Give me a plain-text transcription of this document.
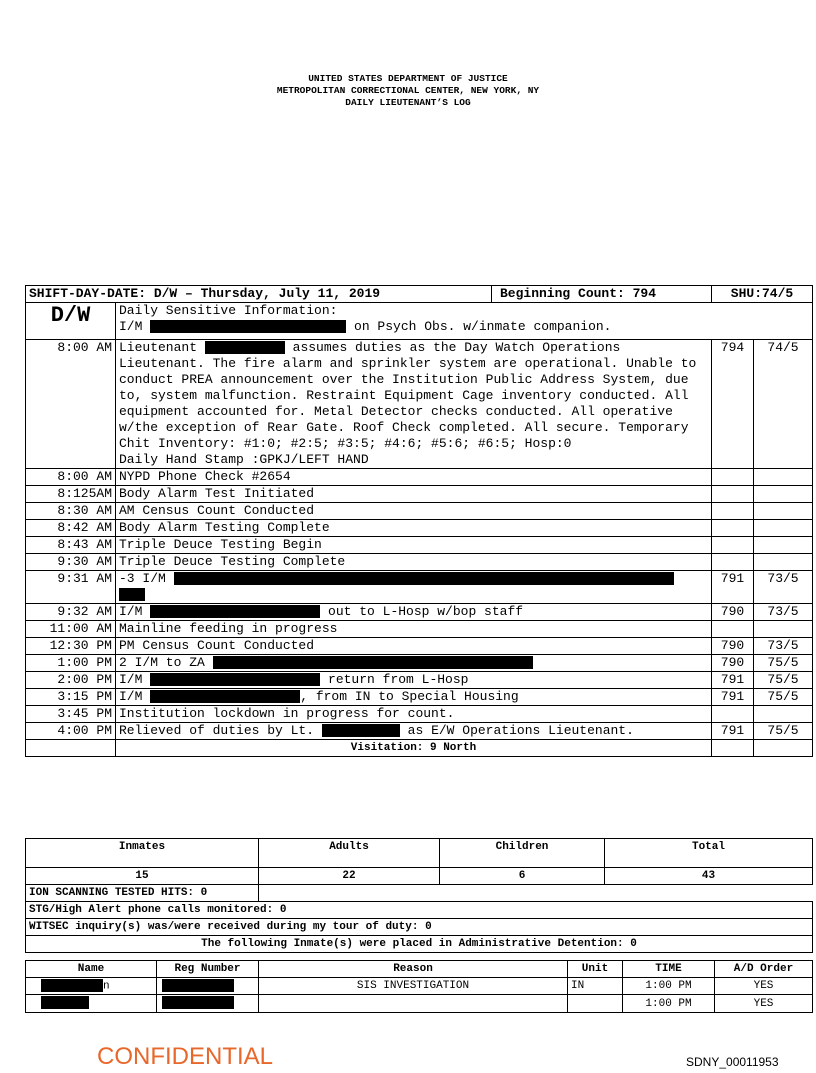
UNITED STATES DEPARTMENT OF JUSTICE
METROPOLITAN CORRECTIONAL CENTER, NEW YORK, NY
DAILY LIEUTENANT’S LOG
SHIFT-DAY-DATE: D/W – Thursday, July 11, 2019 Beginning Count: 794		SHU:74/5	
D/W	Daily Sensitive Information:
I/M on Psych Obs. w/inmate companion.		

8:00 AM	Lieutenant assumes duties as the Day Watch Operations Lieutenant. The fire alarm and sprinkler system are operational. Unable to conduct PREA announcement over the Institution Public Address System, due to, system malfunction. Restraint Equipment Cage inventory conducted. All equipment accounted for. Metal Detector checks conducted. All operative w/the exception of Rear Gate. Roof Check completed. All secure. Temporary Chit Inventory: #1:0; #2:5; #3:5; #4:6; #5:6; #6:5; Hosp:0
Daily Hand Stamp :GPKJ/LEFT HAND	794	74/5
8:00 AM	NYPD Phone Check #2654		
8:125AM	Body Alarm Test Initiated		
8:30 AM	AM Census Count Conducted		
8:42 AM	Body Alarm Testing Complete		
8:43 AM	Triple Deuce Testing Begin		
9:30 AM	Triple Deuce Testing Complete		
9:31 AM	-3 I/M	791	73/5
9:32 AM	I/M out to L-Hosp w/bop staff	790	73/5
11:00 AM	Mainline feeding in progress		
12:30 PM	PM Census Count Conducted	790	73/5
1:00 PM	2 I/M to ZA	790	75/5
2:00 PM	I/M return from L-Hosp	791	75/5
3:15 PM	I/M , from IN to Special Housing	791	75/5
3:45 PM	Institution lockdown in progress for count.		
4:00 PM	Relieved of duties by Lt. as E/W Operations Lieutenant.	791	75/5
	Visitation: 9 North		
Inmates	Adults	Children	Total
15	22	6	43
ION SCANNING TESTED HITS: 0	
STG/High Alert phone calls monitored: 0
WITSEC inquiry(s) was/were received during my tour of duty: 0
The following Inmate(s) were placed in Administrative Detention: 0
Name	Reg Number	Reason	Unit	TIME	A/D Order
n		SIS INVESTIGATION	IN	1:00 PM	YES
				1:00 PM	YES
CONFIDENTIAL	SDNY_00011953
